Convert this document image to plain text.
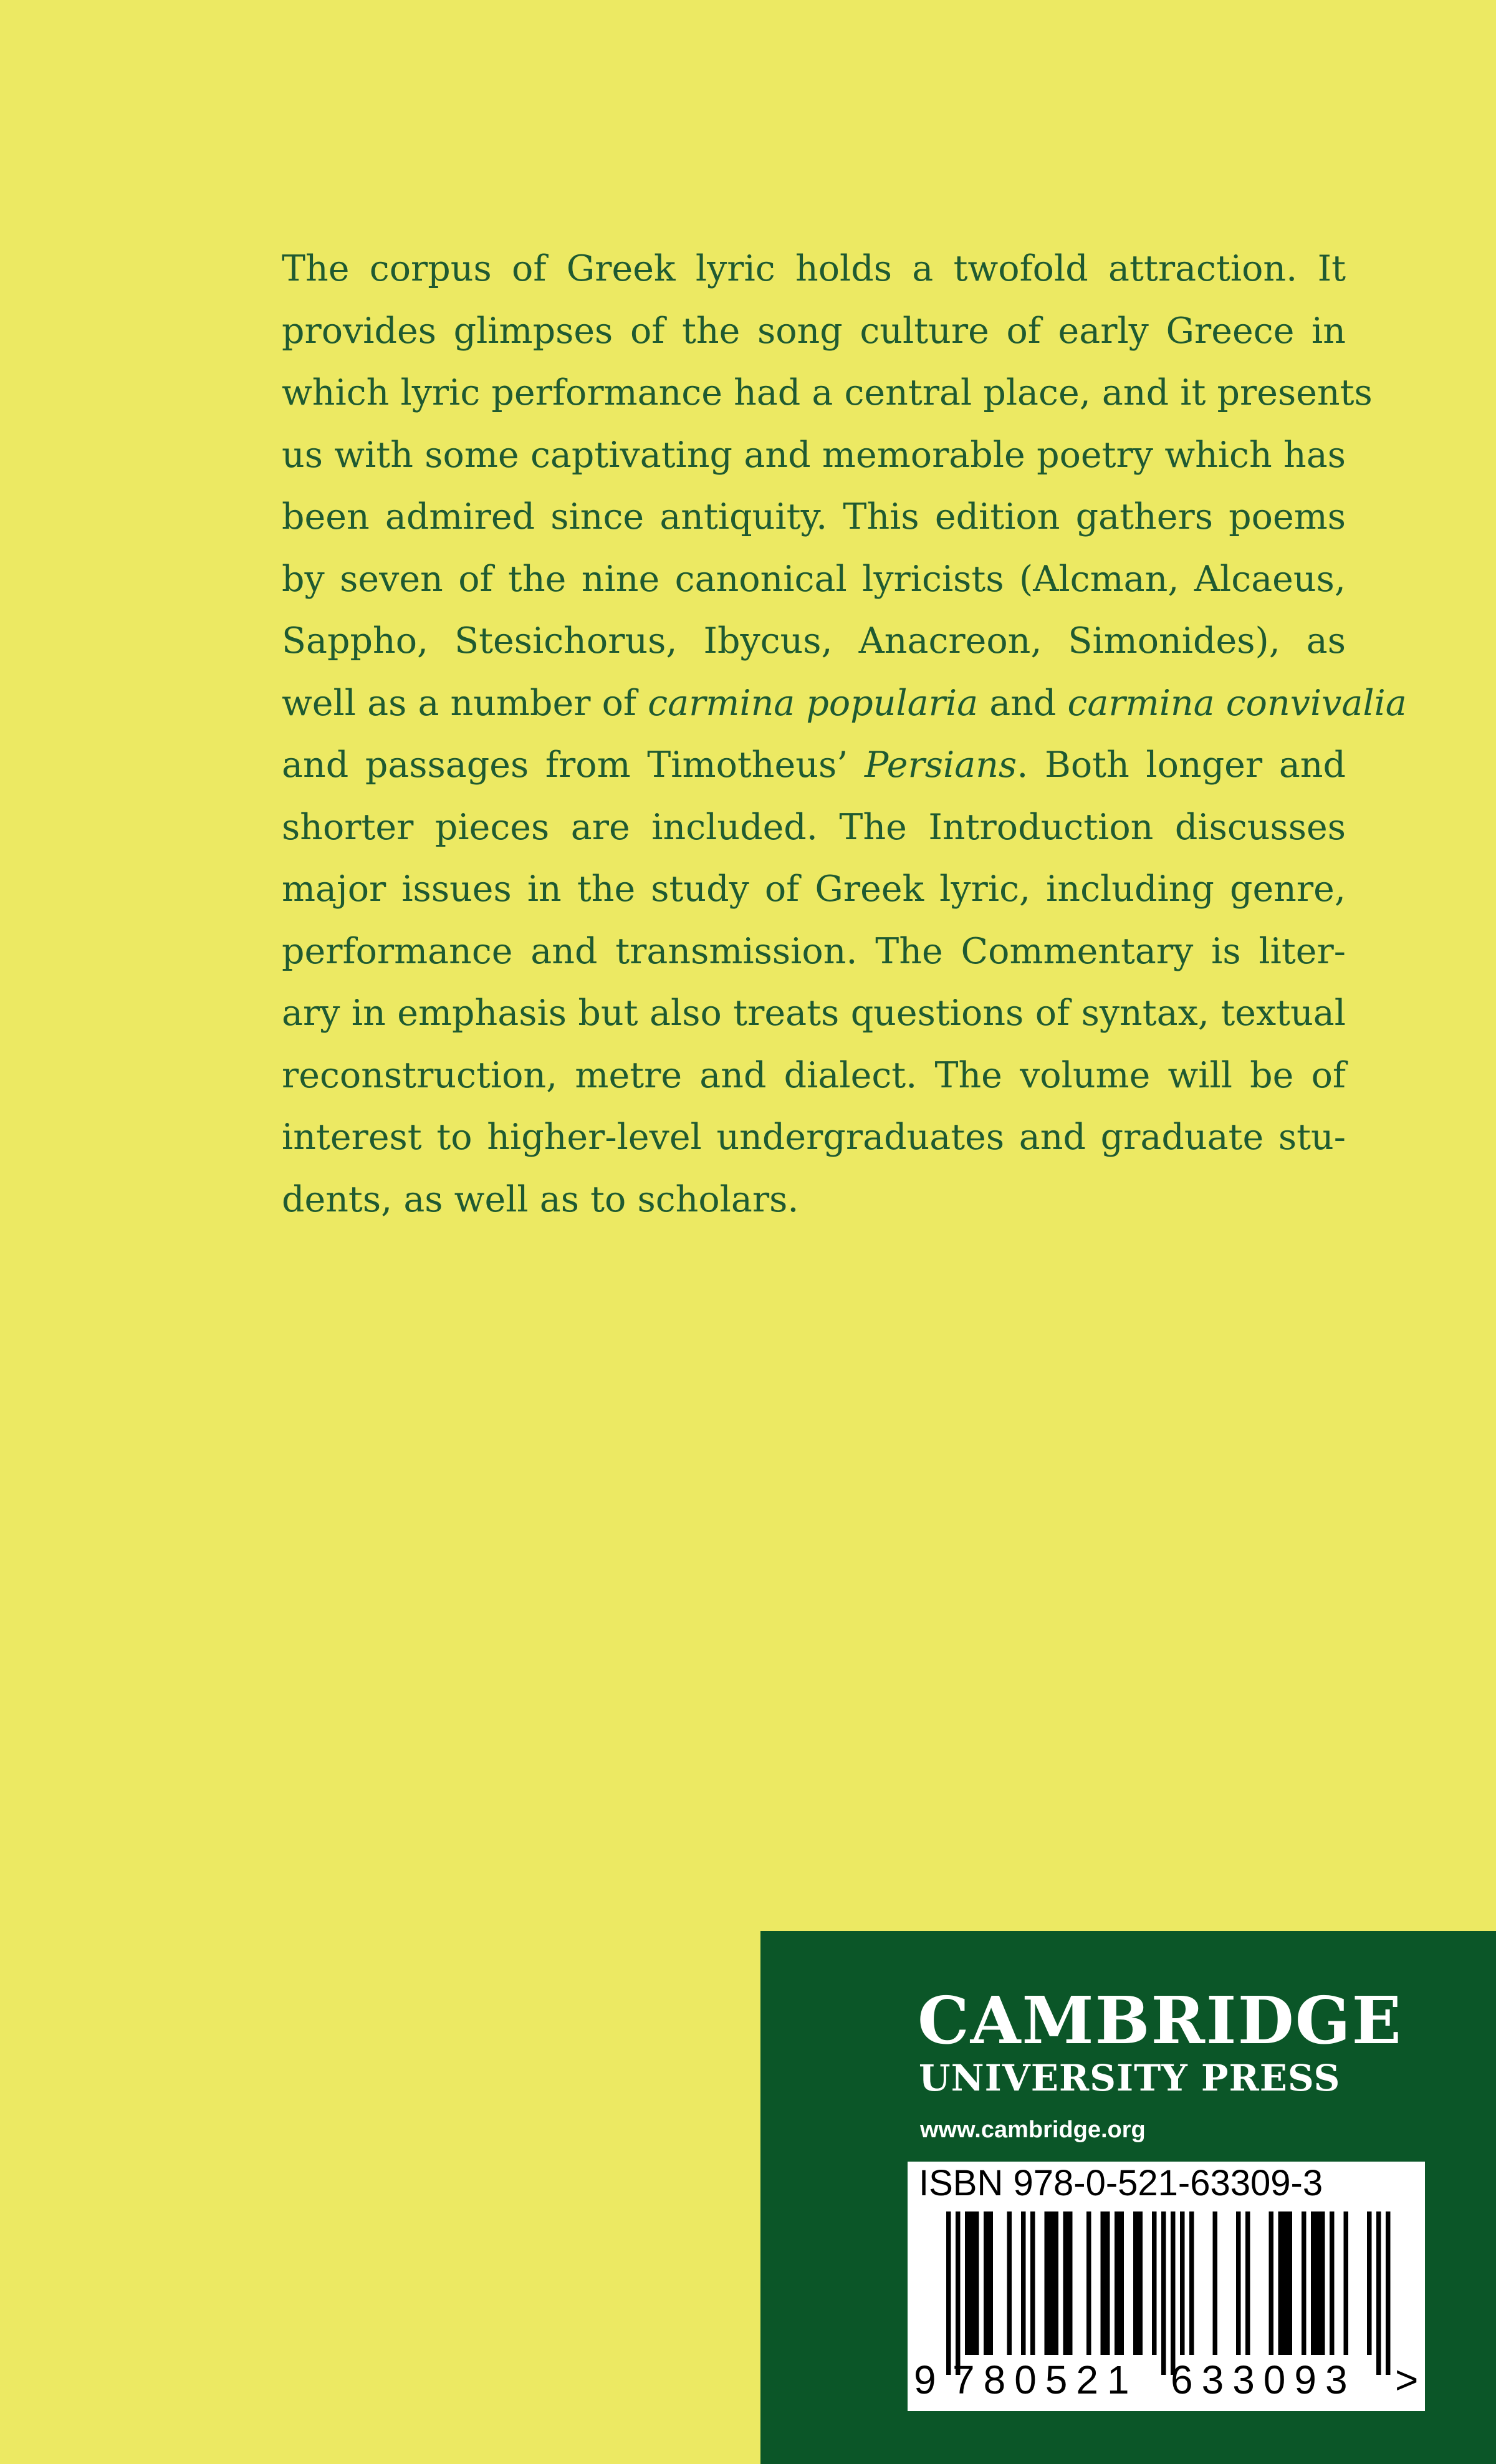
The corpus of Greek lyric holds a twofold attraction. It
provides glimpses of the song culture of early Greece in
which lyric performance had a central place, and it presents
us with some captivating and memorable poetry which has
been admired since antiquity. This edition gathers poems
by seven of the nine canonical lyricists (Alcman, Alcaeus,
Sappho, Stesichorus, Ibycus, Anacreon, Simonides), as
well as a number of carmina popularia and carmina convivalia
and passages from Timotheus’ Persians. Both longer and
shorter pieces are included. The Introduction discusses
major issues in the study of Greek lyric, including genre,
performance and transmission. The Commentary is liter-
ary in emphasis but also treats questions of syntax, textual
reconstruction, metre and dialect. The volume will be of
interest to higher-level undergraduates and graduate stu-
dents, as well as to scholars.
CAMBRIDGE
UNIVERSITY PRESS
www.cambridge.org
ISBN 978-0-521-63309-3
9 780521 633093 >
